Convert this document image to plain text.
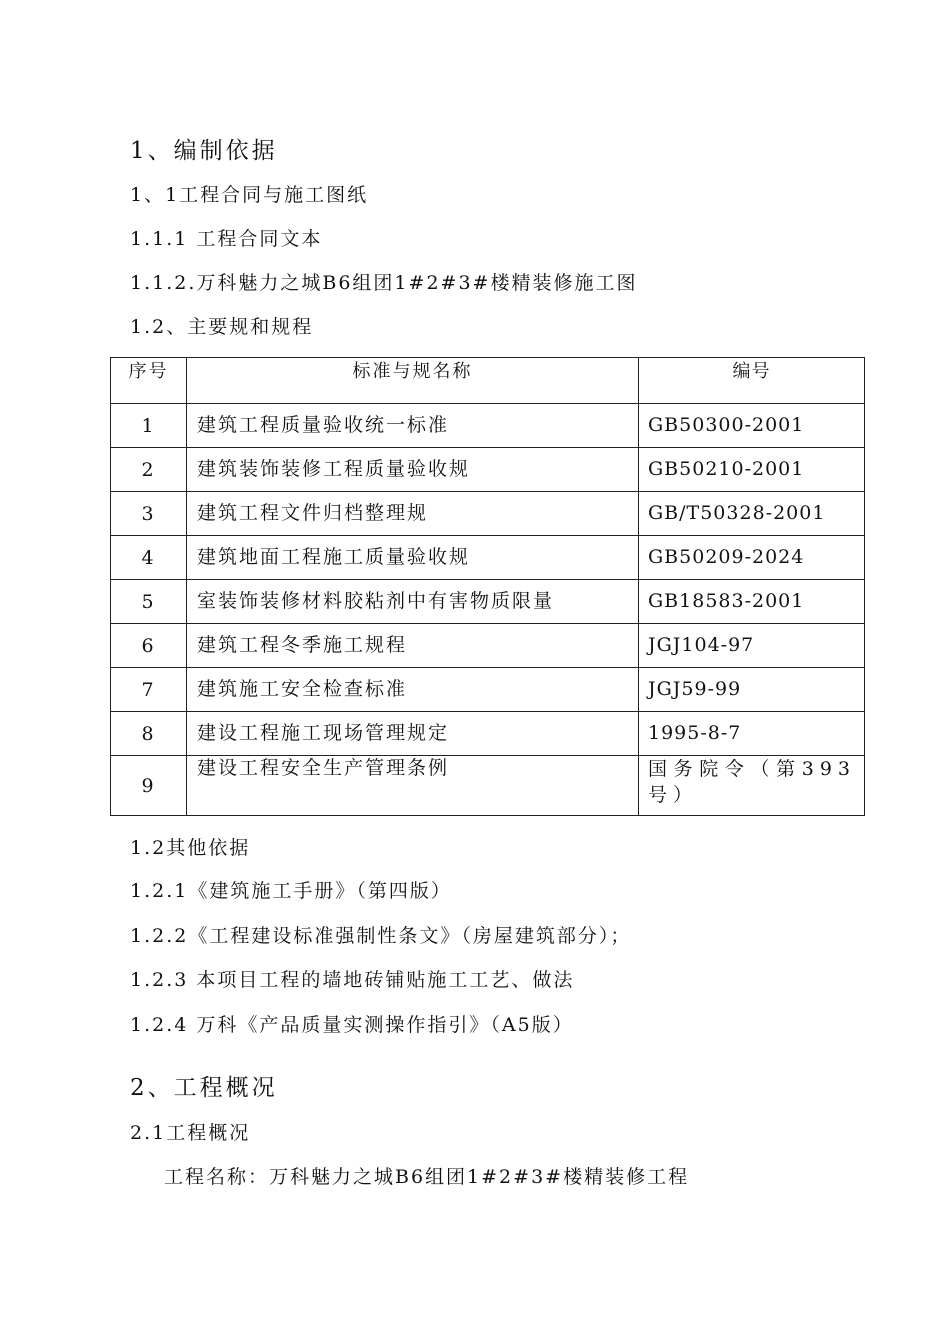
1、编制依据
1、1工程合同与施工图纸
1.1.1 工程合同文本
1.1.2.万科魅力之城B6组团1#2#3#楼精装修施工图
1.2、主要规和规程
序号	标准与规名称	编号
1	建筑工程质量验收统一标准	GB50300-2001
2	建筑装饰装修工程质量验收规	GB50210-2001
3	建筑工程文件归档整理规	GB/T50328-2001
4	建筑地面工程施工质量验收规	GB50209-2024
5	室装饰装修材料胶粘剂中有害物质限量	GB18583-2001
6	建筑工程冬季施工规程	JGJ104-97
7	建筑施工安全检查标准	JGJ59-99
8	建设工程施工现场管理规定	1995-8-7
9	建设工程安全生产管理条例	国务院令（第393号）
1.2其他依据
1.2.1《建筑施工手册》（第四版）
1.2.2《工程建设标准强制性条文》（房屋建筑部分）；
1.2.3 本项目工程的墙地砖铺贴施工工艺、做法
1.2.4 万科《产品质量实测操作指引》（A5版）
2、工程概况
2.1工程概况
工程名称：万科魅力之城B6组团1#2#3#楼精装修工程
